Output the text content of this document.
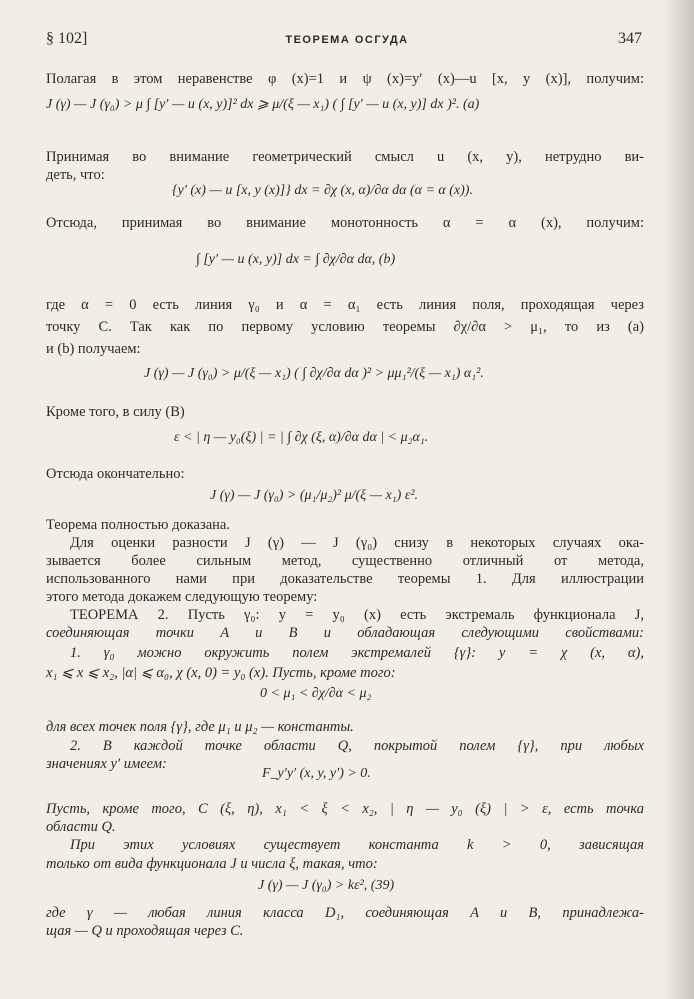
§ 102]	ТЕОРЕМА ОСГУДА	347
Полагая в этом неравенстве φ (x)=1 и ψ (x)=y′ (x)—u [x, y (x)], получим:
J (γ) — J (γ₀) > μ ∫ [y′ — u (x, y)]² dx ⩾ μ/(ξ — x₁) ( ∫ [y′ — u (x, y)] dx )². (a)
Принимая во внимание геометрический смысл u (x, y), нетрудно ви-
деть, что:
{y′ (x) — u [x, y (x)]} dx = ∂χ (x, α)/∂α dα (α = α (x)).
Отсюда, принимая во внимание монотонность α = α (x), получим:
∫ [y′ — u (x, y)] dx = ∫ ∂χ/∂α dα, (b)
где α = 0 есть линия γ₀ и α = α₁ есть линия поля, проходящая через
точку C. Так как по первому условию теоремы ∂χ/∂α > μ₁, то из (a)
и (b) получаем:
J (γ) — J (γ₀) > μ/(ξ — x₁) ( ∫ ∂χ/∂α dα )² > μμ₁²/(ξ — x₁) α₁².
Кроме того, в силу (B)
ε < | η — y₀(ξ) | = | ∫ ∂χ (ξ, α)/∂α dα | < μ₂α₁.
Отсюда окончательно:
J (γ) — J (γ₀) > (μ₁/μ₂)² μ/(ξ — x₁) ε².
Теорема полностью доказана.
Для оценки разности J (γ) — J (γ₀) снизу в некоторых случаях ока-
зывается более сильным метод, существенно отличный от метода,
использованного нами при доказательстве теоремы 1. Для иллюстрации
этого метода докажем следующую теорему:
ТЕОРЕМА 2. Пусть γ₀: y = y₀ (x) есть экстремаль функционала J,
соединяющая точки A и B и обладающая следующими свойствами:
1. γ₀ можно окружить полем экстремалей {γ}: y = χ (x, α),
x₁ ⩽ x ⩽ x₂, |α| ⩽ α₀, χ (x, 0) = y₀ (x). Пусть, кроме того:
0 < μ₁ < ∂χ/∂α < μ₂
для всех точек поля {γ}, где μ₁ и μ₂ — константы.
2. В каждой точке области Q, покрытой полем {γ}, при любых
значениях y′ имеем:
F_y′y′ (x, y, y′) > 0.
Пусть, кроме того, C (ξ, η), x₁ < ξ < x₂, | η — y₀ (ξ) | > ε, есть точка
области Q.
При этих условиях существует константа k > 0, зависящая
только от вида функционала J и числа ξ, такая, что:
J (γ) — J (γ₀) > kε², (39)
где γ — любая линия класса D₁, соединяющая A и B, принадлежа-
щая — Q и проходящая через C.
